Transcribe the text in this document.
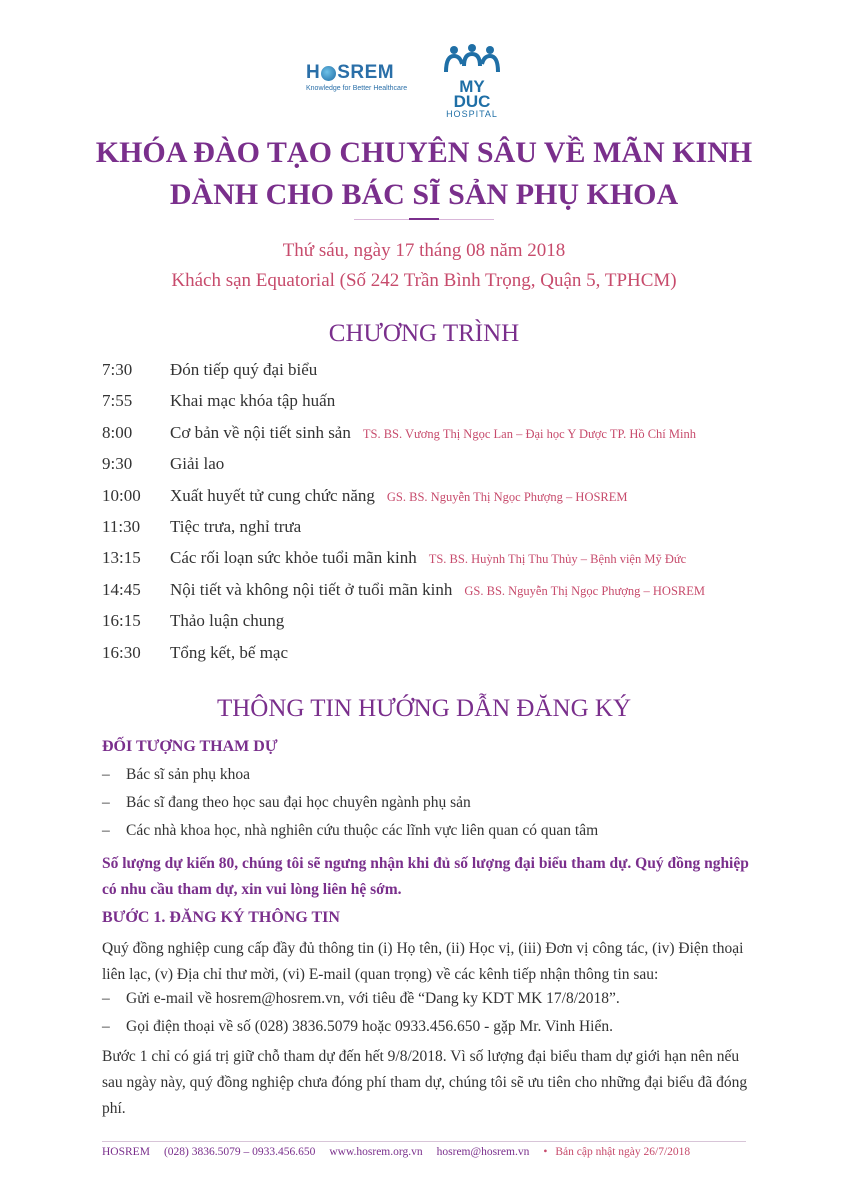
H SREM
Knowledge for Better Healthcare	MY DUC
HOSPITAL
KHÓA ĐÀO TẠO CHUYÊN SÂU VỀ MÃN KINH
DÀNH CHO BÁC SĨ SẢN PHỤ KHOA
Thứ sáu, ngày 17 tháng 08 năm 2018
Khách sạn Equatorial (Số 242 Trần Bình Trọng, Quận 5, TPHCM)
CHƯƠNG TRÌNH
7:30	Đón tiếp quý đại biểu
7:55	Khai mạc khóa tập huấn
8:00	Cơ bản về nội tiết sinh sản TS. BS. Vương Thị Ngọc Lan – Đại học Y Dược TP. Hồ Chí Minh
9:30	Giải lao
10:00	Xuất huyết tử cung chức năng GS. BS. Nguyễn Thị Ngọc Phượng – HOSREM
11:30	Tiệc trưa, nghỉ trưa
13:15	Các rối loạn sức khỏe tuổi mãn kinh TS. BS. Huỳnh Thị Thu Thủy – Bệnh viện Mỹ Đức
14:45	Nội tiết và không nội tiết ở tuổi mãn kinh GS. BS. Nguyễn Thị Ngọc Phượng – HOSREM
16:15	Thảo luận chung
16:30	Tổng kết, bế mạc
THÔNG TIN HƯỚNG DẪN ĐĂNG KÝ
ĐỐI TƯỢNG THAM DỰ
–	Bác sĩ sản phụ khoa
–	Bác sĩ đang theo học sau đại học chuyên ngành phụ sản
–	Các nhà khoa học, nhà nghiên cứu thuộc các lĩnh vực liên quan có quan tâm
Số lượng dự kiến 80, chúng tôi sẽ ngưng nhận khi đủ số lượng đại biểu tham dự. Quý đồng nghiệp có nhu cầu tham dự, xin vui lòng liên hệ sớm.
BƯỚC 1. ĐĂNG KÝ THÔNG TIN
Quý đồng nghiệp cung cấp đầy đủ thông tin (i) Họ tên, (ii) Học vị, (iii) Đơn vị công tác, (iv) Điện thoại liên lạc, (v) Địa chỉ thư mời, (vi) E-mail (quan trọng) về các kênh tiếp nhận thông tin sau:
–	Gửi e-mail về hosrem@hosrem.vn, với tiêu đề “Dang ky KDT MK 17/8/2018”.
–	Gọi điện thoại về số (028) 3836.5079 hoặc 0933.456.650 - gặp Mr. Vinh Hiển.
Bước 1 chỉ có giá trị giữ chỗ tham dự đến hết 9/8/2018. Vì số lượng đại biểu tham dự giới hạn nên nếu sau ngày này, quý đồng nghiệp chưa đóng phí tham dự, chúng tôi sẽ ưu tiên cho những đại biểu đã đóng phí.
HOSREM (028) 3836.5079 – 0933.456.650 www.hosrem.org.vn hosrem@hosrem.vn • Bản cập nhật ngày 26/7/2018
